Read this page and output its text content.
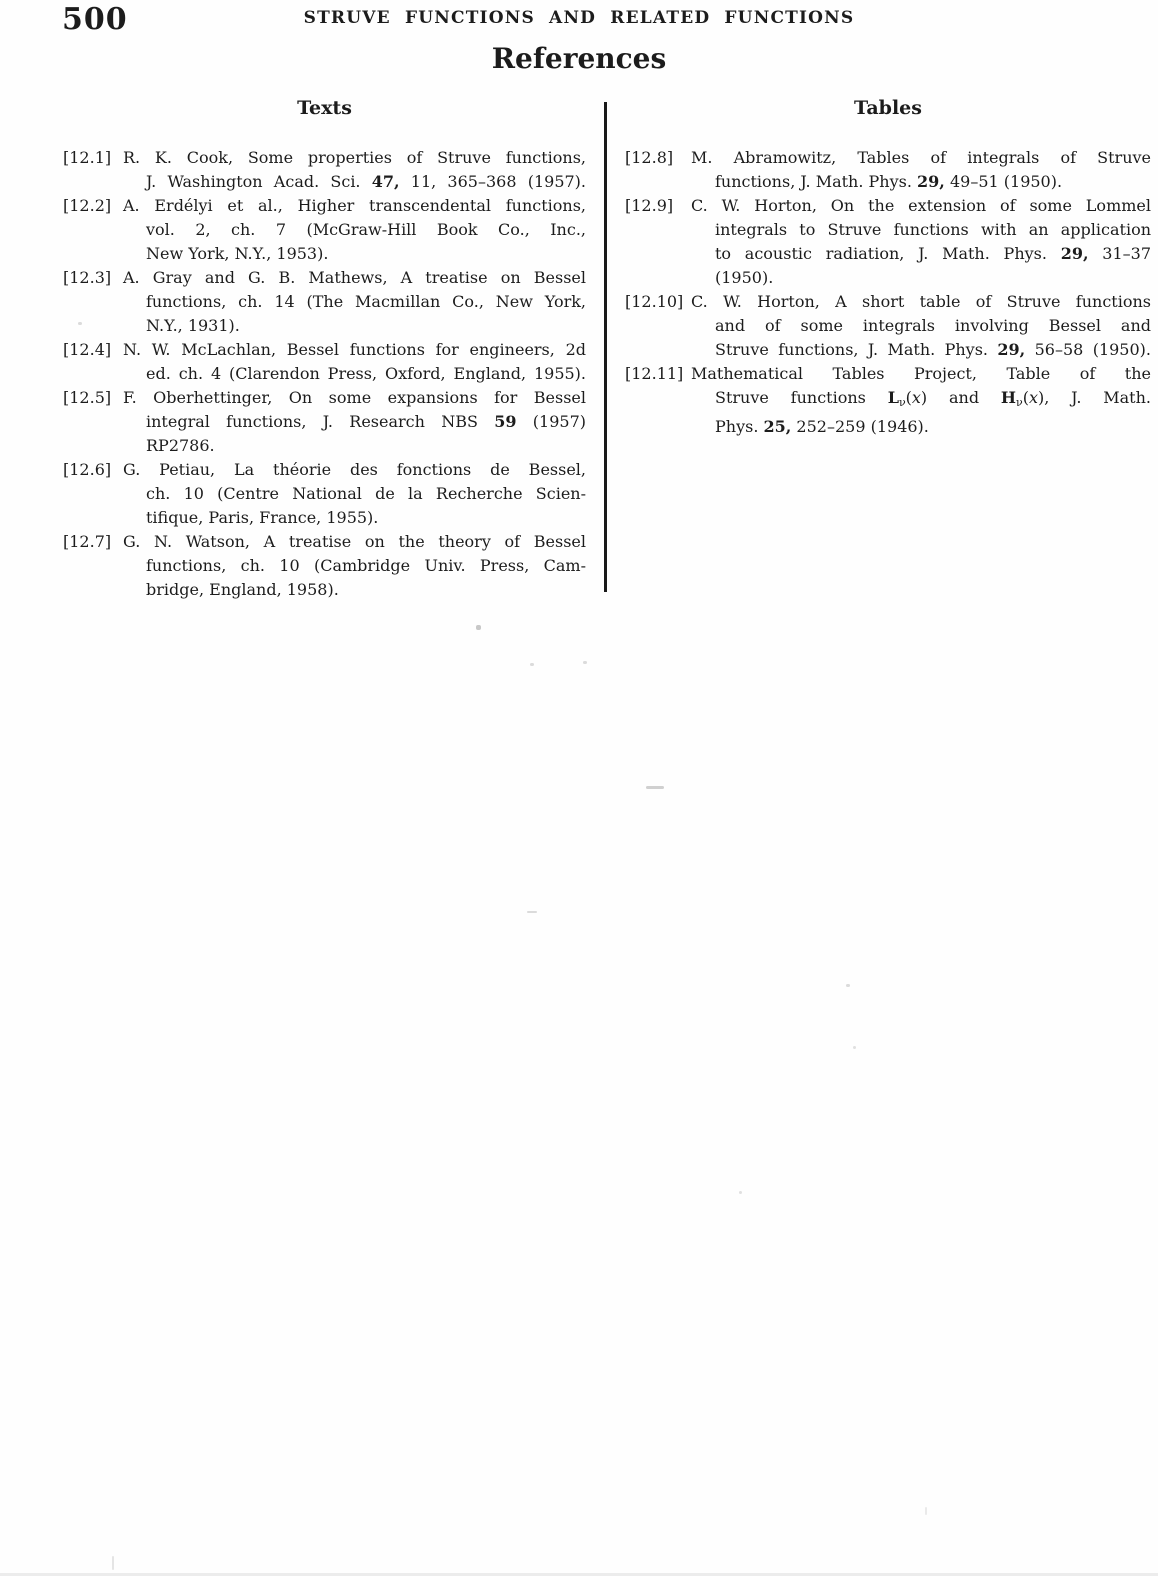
500	STRUVE FUNCTIONS AND RELATED FUNCTIONS
References
Texts
[12.1] R. K. Cook, Some properties of Struve functions,
J. Washington Acad. Sci. 47, 11, 365–368 (1957).
[12.2] A. Erdélyi et al., Higher transcendental functions,
vol. 2, ch. 7 (McGraw-Hill Book Co., Inc.,
New York, N.Y., 1953).
[12.3] A. Gray and G. B. Mathews, A treatise on Bessel
functions, ch. 14 (The Macmillan Co., New York,
N.Y., 1931).
[12.4] N. W. McLachlan, Bessel functions for engineers, 2d
ed. ch. 4 (Clarendon Press, Oxford, England, 1955).
[12.5] F. Oberhettinger, On some expansions for Bessel
integral functions, J. Research NBS 59 (1957)
RP2786.
[12.6] G. Petiau, La théorie des fonctions de Bessel,
ch. 10 (Centre National de la Recherche Scien-
tifique, Paris, France, 1955).
[12.7] G. N. Watson, A treatise on the theory of Bessel
functions, ch. 10 (Cambridge Univ. Press, Cam-
bridge, England, 1958).
Tables
[12.8] M. Abramowitz, Tables of integrals of Struve
functions, J. Math. Phys. 29, 49–51 (1950).
[12.9] C. W. Horton, On the extension of some Lommel
integrals to Struve functions with an application
to acoustic radiation, J. Math. Phys. 29, 31–37
(1950).
[12.10] C. W. Horton, A short table of Struve functions
and of some integrals involving Bessel and
Struve functions, J. Math. Phys. 29, 56–58 (1950).
[12.11] Mathematical Tables Project, Table of the
Struve functions $L_\nu(x)$ and $H_\nu(x)$, J. Math.
Phys. 25, 252–259 (1946).
